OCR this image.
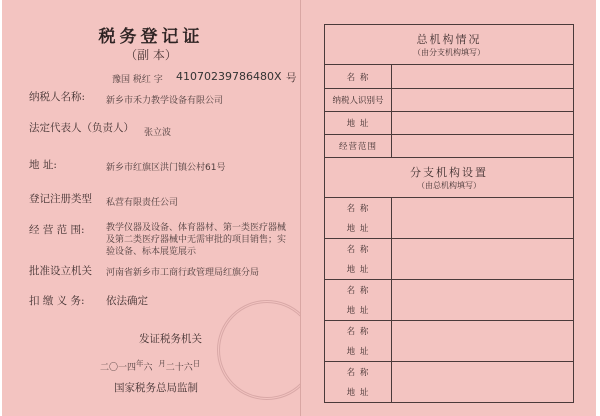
税务登记证
（副 本）
豫国 税红 字 410702397864​80X 号
纳税人名称: 新乡市禾力教学设备有限公司
法定代表人（负责人） 张立波
地 址:	新乡市红旗区洪门镇公村61号
登记注册类型 私营有限责任公司
经 营 范 围: 教学仪器及设备、体育器材、第一类医疗器械及第二类医疗器械中无需审批的项目销售；实验设备、标本展览展示
批准设立机关 河南省新乡市工商行政管理局红旗分局
扣 缴 义 务: 依法确定
发证税务机关
二〇一四$^年$六 $^月$二十六$^日$
国家税务总局监制
总机构情况
（由分支机构填写）	

名 称	
纳税人识别号	
地 址	
经营范围	

分支机构设置
（由总机构填写）	

名 称
地 址	

名 称
地 址	

名 称
地 址	

名 称
地 址	

名 称
地 址	
